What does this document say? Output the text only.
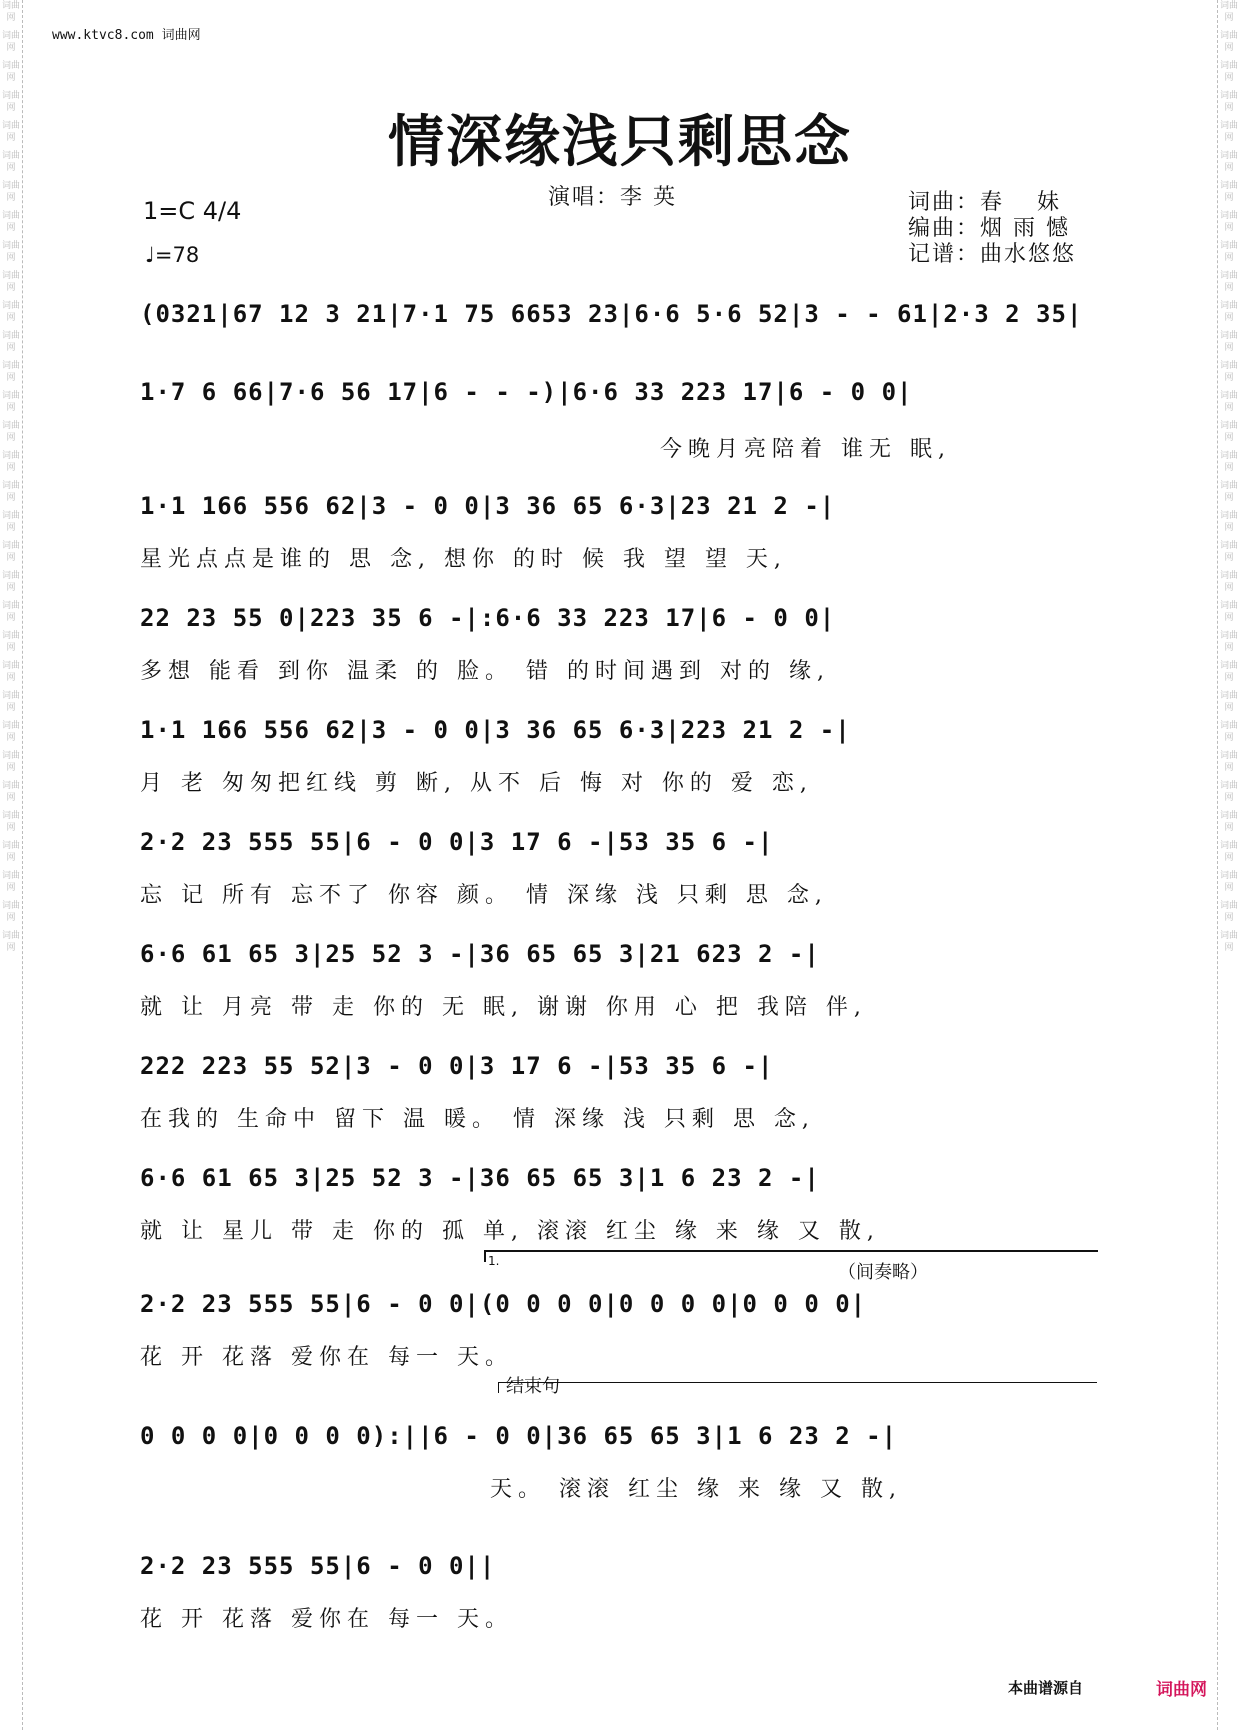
词曲网
词曲网
词曲网
词曲网
词曲网
词曲网
词曲网
词曲网
词曲网
词曲网
词曲网
词曲网
词曲网
词曲网
词曲网
词曲网
词曲网
词曲网
词曲网
词曲网
词曲网
词曲网
词曲网
词曲网
词曲网
词曲网
词曲网
词曲网
词曲网
词曲网
词曲网
词曲网
词曲网
词曲网
词曲网
词曲网
词曲网
词曲网
词曲网
词曲网
词曲网
词曲网
词曲网
词曲网
词曲网
词曲网
词曲网
词曲网
词曲网
词曲网
词曲网
词曲网
词曲网
词曲网
词曲网
词曲网
词曲网
词曲网
词曲网
词曲网
词曲网
词曲网
词曲网
词曲网
www.ktvc8.com 词曲网
情深缘浅只剩思念
演唱：李 英
1=C 4/4
♩=78
词曲：春　 妹
编曲：烟 雨 憾
记谱：曲水悠悠
(0321|67 12 3 21|7·1 75 6653 23|6·6 5·6 52|3 - - 61|2·3 2 35|
1·7 6 66|7·6 56 17|6 - - -)|6·6 33 223 17|6 - 0 0|
今晚月亮陪着 谁无 眠,
1·1 166 556 62|3 - 0 0|3 36 65 6·3|23 21 2 -|
星光点点是谁的 思 念, 想你 的时 候 我 望 望 天,
22 23 55 0|223 35 6 -|:6·6 33 223 17|6 - 0 0|
多想 能看 到你 温柔 的 脸。 错 的时间遇到 对的 缘,
1·1 166 556 62|3 - 0 0|3 36 65 6·3|223 21 2 -|
月 老 匆匆把红线 剪 断, 从不 后 悔 对 你的 爱 恋,
2·2 23 555 55|6 - 0 0|3 17 6 -|53 35 6 -|
忘 记 所有 忘不了 你容 颜。 情 深缘 浅 只剩 思 念,
6·6 61 65 3|25 52 3 -|36 65 65 3|21 623 2 -|
就 让 月亮 带 走 你的 无 眠, 谢谢 你用 心 把 我陪 伴,
222 223 55 52|3 - 0 0|3 17 6 -|53 35 6 -|
在我的 生命中 留下 温 暖。 情 深缘 浅 只剩 思 念,
6·6 61 65 3|25 52 3 -|36 65 65 3|1 6 23 2 -|
就 让 星儿 带 走 你的 孤 单, 滚滚 红尘 缘 来 缘 又 散,
1.
（间奏略）
2·2 23 555 55|6 - 0 0|(0 0 0 0|0 0 0 0|0 0 0 0|
花 开 花落 爱你在 每一 天。
结束句
0 0 0 0|0 0 0 0):||6 - 0 0|36 65 65 3|1 6 23 2 -|
天。 滚滚 红尘 缘 来 缘 又 散,
2·2 23 555 55|6 - 0 0||
花 开 花落 爱你在 每一 天。
本曲谱源自	词曲网
